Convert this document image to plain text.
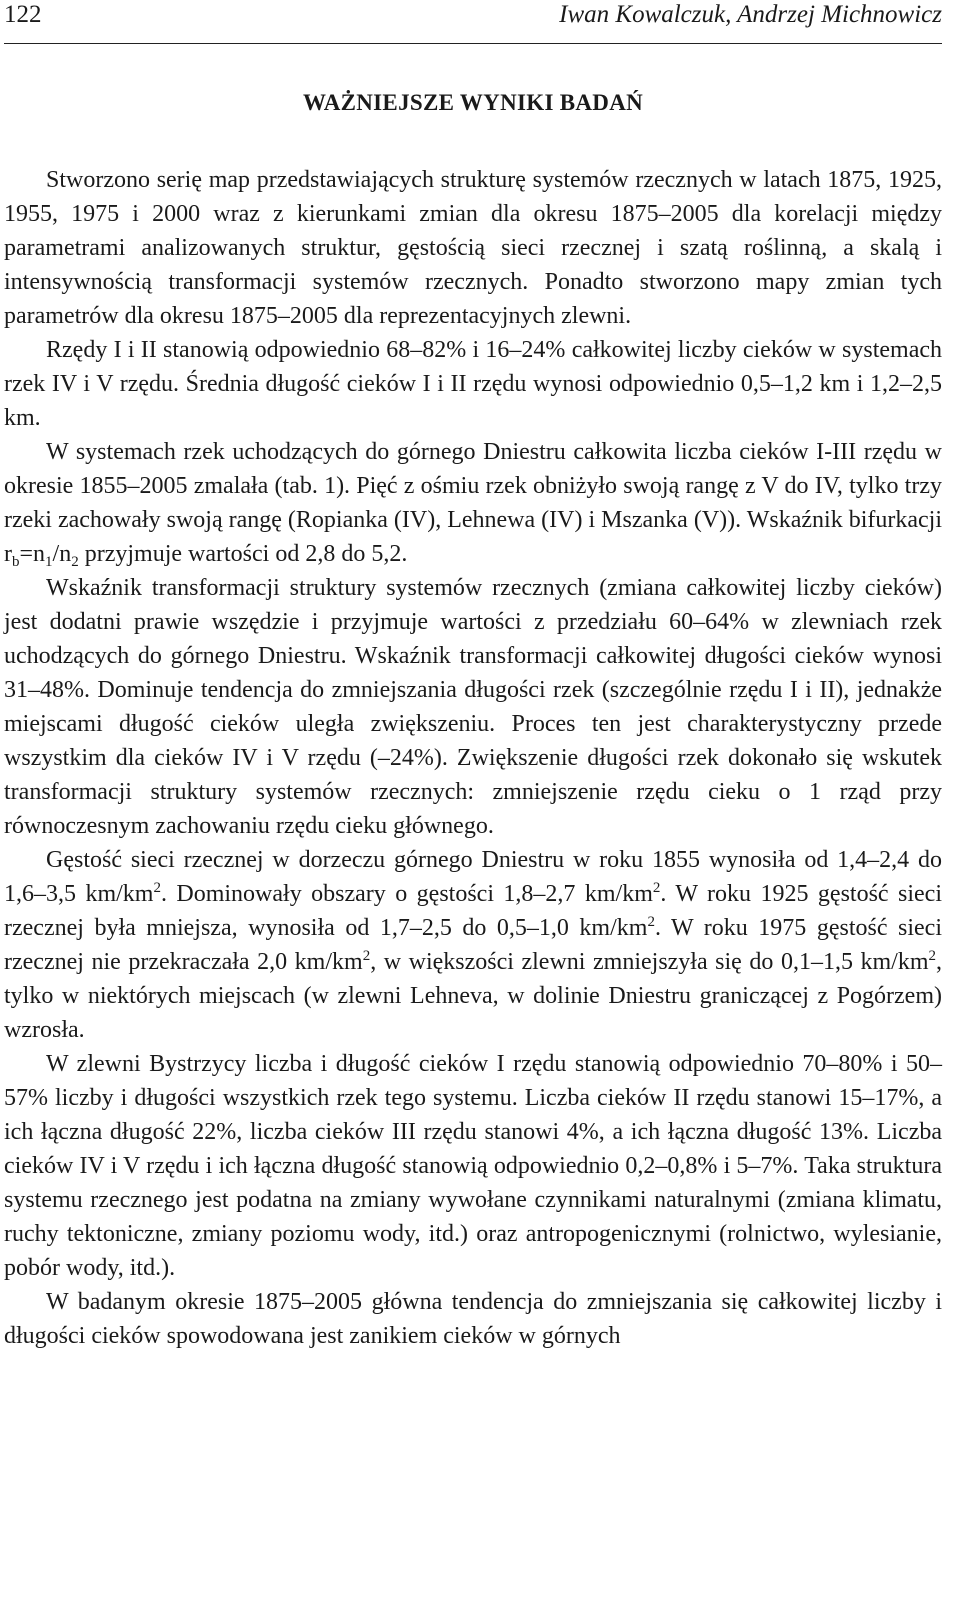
122	Iwan Kowalczuk, Andrzej Michnowicz
WAŻNIEJSZE WYNIKI BADAŃ

Stworzono serię map przedstawiających strukturę systemów rzecznych w latach 1875, 1925, 1955, 1975 i 2000 wraz z kierunkami zmian dla okresu 1875–2005 dla korelacji między parametrami analizowanych struktur, gęstością sieci rzecznej i szatą roślinną, a skalą i intensywnością transformacji systemów rzecznych. Ponadto stworzono mapy zmian tych parametrów dla okresu 1875–2005 dla reprezentacyjnych zlewni.

Rzędy I i II stanowią odpowiednio 68–82% i 16–24% całkowitej liczby cieków w systemach rzek IV i V rzędu. Średnia długość cieków I i II rzędu wynosi odpowiednio 0,5–1,2 km i 1,2–2,5 km.

W systemach rzek uchodzących do górnego Dniestru całkowita liczba cieków I-III rzędu w okresie 1855–2005 zmalała (tab. 1). Pięć z ośmiu rzek obniżyło swoją rangę z V do IV, tylko trzy rzeki zachowały swoją rangę (Ropianka (IV), Lehnewa (IV) i Mszanka (V)). Wskaźnik bifurkacji $r_b=n_1/n_2$ przyjmuje wartości od 2,8 do 5,2.

Wskaźnik transformacji struktury systemów rzecznych (zmiana całkowitej liczby cieków) jest dodatni prawie wszędzie i przyjmuje wartości z przedziału 60–64% w zlewniach rzek uchodzących do górnego Dniestru. Wskaźnik transformacji całkowitej długości cieków wynosi 31–48%. Dominuje tendencja do zmniejszania długości rzek (szczególnie rzędu I i II), jednakże miejscami długość cieków uległa zwiększeniu. Proces ten jest charakterystyczny przede wszystkim dla cieków IV i V rzędu (–24%). Zwiększenie długości rzek dokonało się wskutek transformacji struktury systemów rzecznych: zmniejszenie rzędu cieku o 1 rząd przy równoczesnym zachowaniu rzędu cieku głównego.

Gęstość sieci rzecznej w dorzeczu górnego Dniestru w roku 1855 wynosiła od 1,4–2,4 do 1,6–3,5 $km/km^2$. Dominowały obszary o gęstości 1,8–2,7 $km/km^2$. W roku 1925 gęstość sieci rzecznej była mniejsza, wynosiła od 1,7–2,5 do 0,5–1,0 $km/km^2$. W roku 1975 gęstość sieci rzecznej nie przekraczała 2,0 $km/km^2$, w większości zlewni zmniejszyła się do 0,1–1,5 $km/km^2$, tylko w niektórych miejscach (w zlewni Lehneva, w dolinie Dniestru graniczącej z Pogórzem) wzrosła.

W zlewni Bystrzycy liczba i długość cieków I rzędu stanowią odpowiednio 70–80% i 50–57% liczby i długości wszystkich rzek tego systemu. Liczba cieków II rzędu stanowi 15–17%, a ich łączna długość 22%, liczba cieków III rzędu stanowi 4%, a ich łączna długość 13%. Liczba cieków IV i V rzędu i ich łączna długość stanowią odpowiednio 0,2–0,8% i 5–7%. Taka struktura systemu rzecznego jest podatna na zmiany wywołane czynnikami naturalnymi (zmiana klimatu, ruchy tektoniczne, zmiany poziomu wody, itd.) oraz antropogenicznymi (rolnictwo, wylesianie, pobór wody, itd.).

W badanym okresie 1875–2005 główna tendencja do zmniejszania się całkowitej liczby i długości cieków spowodowana jest zanikiem cieków w górnych
